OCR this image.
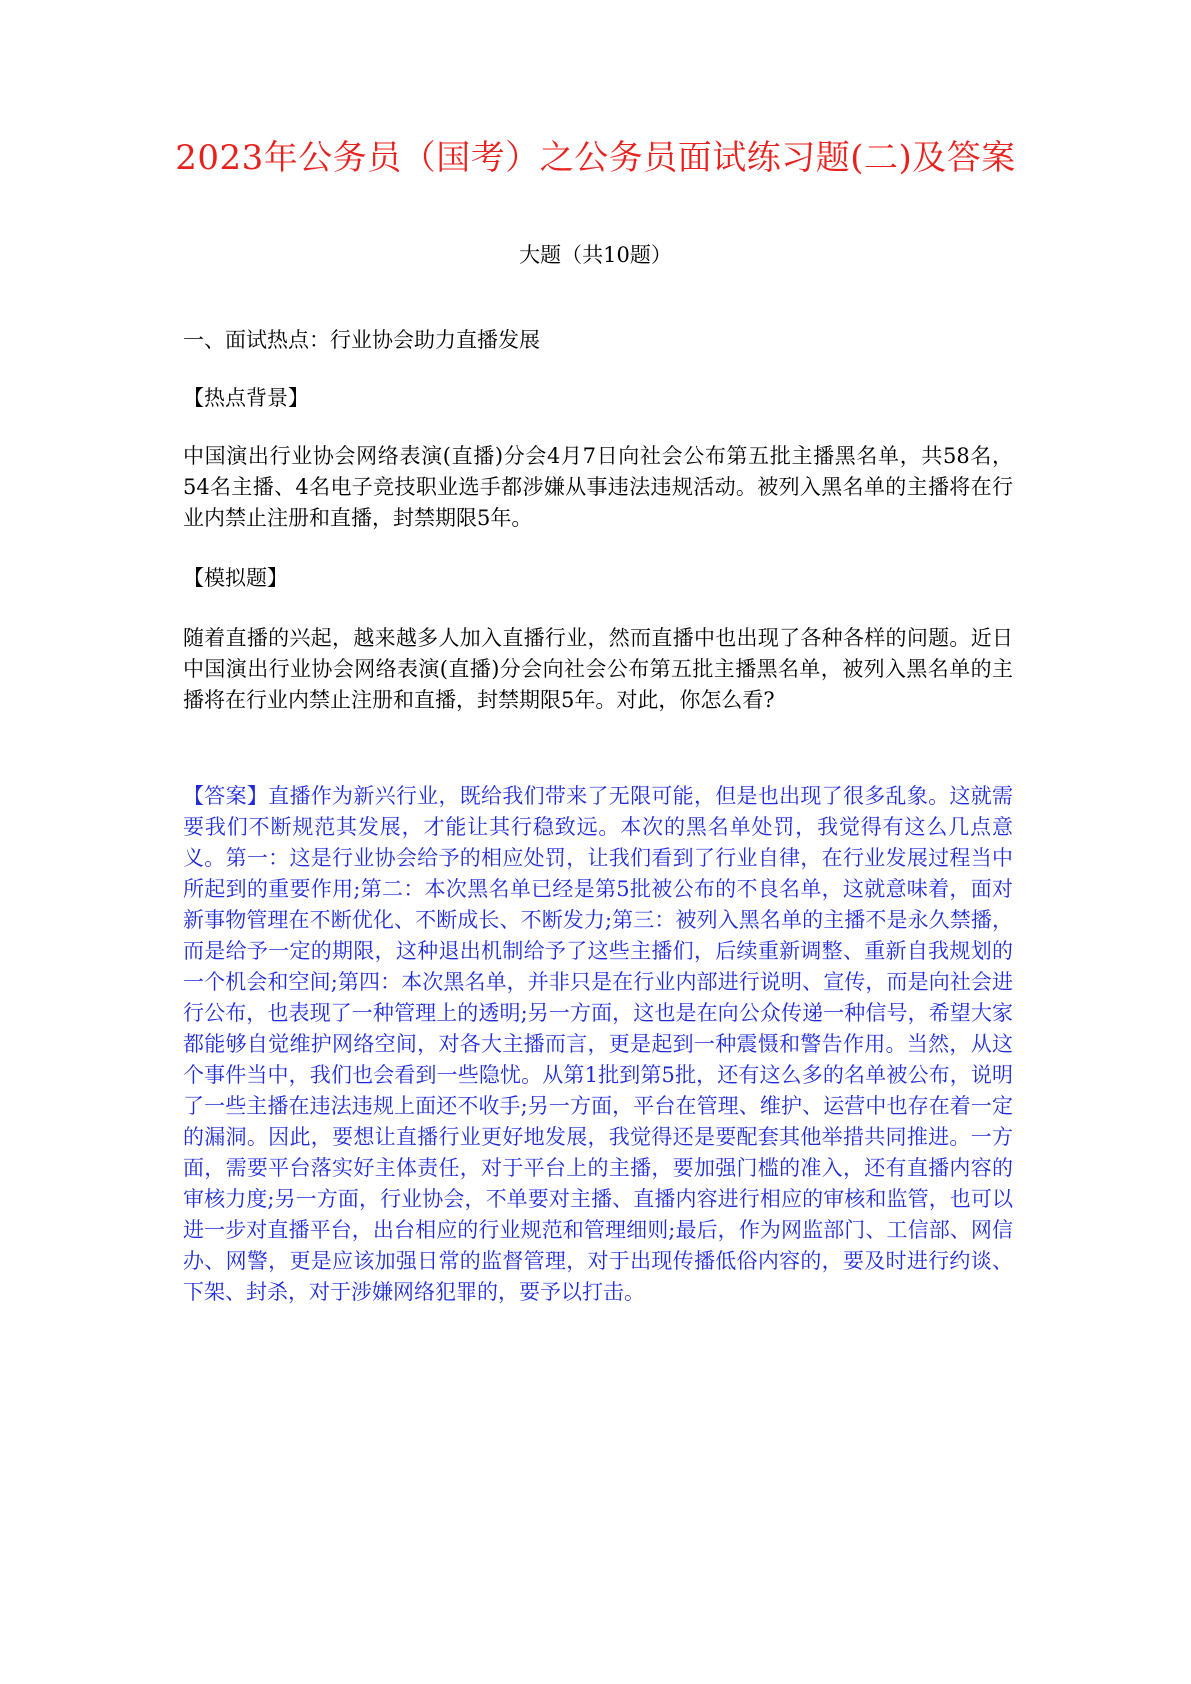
2023年公务员（国考）之公务员面试练习题(二)及答案

大题（共10题）

一、面试热点：行业协会助力直播发展

【热点背景】

中国演出行业协会网络表演(直播)分会4月7日向社会公布第五批主播黑名单，共58名，54名主播、4名电子竞技职业选手都涉嫌从事违法违规活动。被列入黑名单的主播将在行业内禁止注册和直播，封禁期限5年。

【模拟题】

随着直播的兴起，越来越多人加入直播行业，然而直播中也出现了各种各样的问题。近日中国演出行业协会网络表演(直播)分会向社会公布第五批主播黑名单，被列入黑名单的主播将在行业内禁止注册和直播，封禁期限5年。对此，你怎么看?

【答案】直播作为新兴行业，既给我们带来了无限可能，但是也出现了很多乱象。这就需要我们不断规范其发展，才能让其行稳致远。本次的黑名单处罚，我觉得有这么几点意义。第一：这是行业协会给予的相应处罚，让我们看到了行业自律，在行业发展过程当中所起到的重要作用;第二：本次黑名单已经是第5批被公布的不良名单，这就意味着，面对新事物管理在不断优化、不断成长、不断发力;第三：被列入黑名单的主播不是永久禁播，而是给予一定的期限，这种退出机制给予了这些主播们，后续重新调整、重新自我规划的一个机会和空间;第四：本次黑名单，并非只是在行业内部进行说明、宣传，而是向社会进行公布，也表现了一种管理上的透明;另一方面，这也是在向公众传递一种信号，希望大家都能够自觉维护网络空间，对各大主播而言，更是起到一种震慑和警告作用。当然，从这个事件当中，我们也会看到一些隐忧。从第1批到第5批，还有这么多的名单被公布，说明了一些主播在违法违规上面还不收手;另一方面，平台在管理、维护、运营中也存在着一定的漏洞。因此，要想让直播行业更好地发展，我觉得还是要配套其他举措共同推进。一方面，需要平台落实好主体责任，对于平台上的主播，要加强门槛的准入，还有直播内容的审核力度;另一方面，行业协会，不单要对主播、直播内容进行相应的审核和监管，也可以进一步对直播平台，出台相应的行业规范和管理细则;最后，作为网监部门、工信部、网信办、网警，更是应该加强日常的监督管理，对于出现传播低俗内容的，要及时进行约谈、下架、封杀，对于涉嫌网络犯罪的，要予以打击。
